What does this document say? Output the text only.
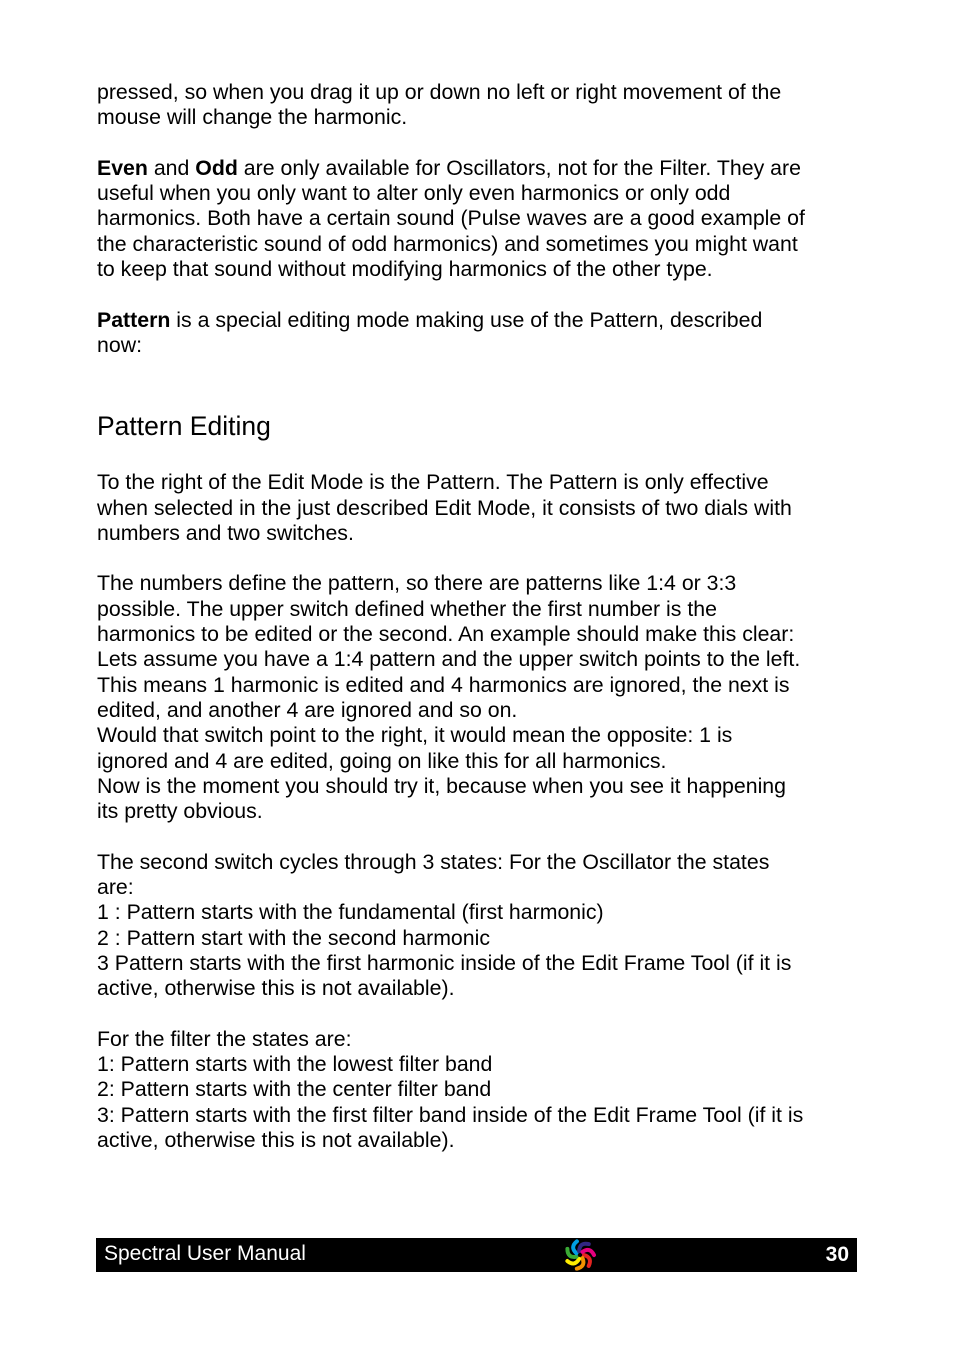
pressed, so when you drag it up or down no left or right movement of the
mouse will change the harmonic.
Even and Odd are only available for Oscillators, not for the Filter. They are
useful when you only want to alter only even harmonics or only odd
harmonics. Both have a certain sound (Pulse waves are a good example of
the characteristic sound of odd harmonics) and sometimes you might want
to keep that sound without modifying harmonics of the other type.
Pattern is a special editing mode making use of the Pattern, described
now:
Pattern Editing
To the right of the Edit Mode is the Pattern. The Pattern is only effective
when selected in the just described Edit Mode, it consists of two dials with
numbers and two switches.
The numbers define the pattern, so there are patterns like 1:4 or 3:3
possible. The upper switch defined whether the first number is the
harmonics to be edited or the second. An example should make this clear:
Lets assume you have a 1:4 pattern and the upper switch points to the left.
This means 1 harmonic is edited and 4 harmonics are ignored, the next is
edited, and another 4 are ignored and so on.
Would that switch point to the right, it would mean the opposite: 1 is
ignored and 4 are edited, going on like this for all harmonics.
Now is the moment you should try it, because when you see it happening
its pretty obvious.
The second switch cycles through 3 states: For the Oscillator the states
are:
1 : Pattern starts with the fundamental (first harmonic)
2 : Pattern start with the second harmonic
3 Pattern starts with the first harmonic inside of the Edit Frame Tool (if it is
active, otherwise this is not available).
For the filter the states are:
1: Pattern starts with the lowest filter band
2: Pattern starts with the center filter band
3: Pattern starts with the first filter band inside of the Edit Frame Tool (if it is
active, otherwise this is not available).
Spectral User Manual	30
